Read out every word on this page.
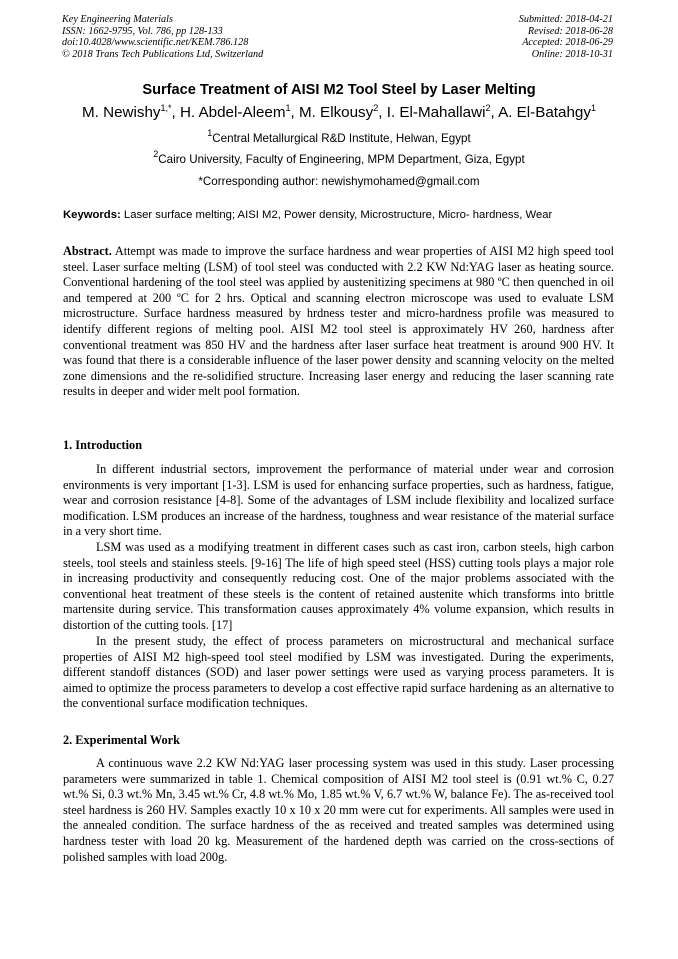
Key Engineering Materials
ISSN: 1662-9795, Vol. 786, pp 128-133
doi:10.4028/www.scientific.net/KEM.786.128
© 2018 Trans Tech Publications Ltd, Switzerland
Submitted: 2018-04-21
Revised: 2018-06-28
Accepted: 2018-06-29
Online: 2018-10-31
Surface Treatment of AISI M2 Tool Steel by Laser Melting
M. Newishy$^{1,*}$, H. Abdel-Aleem$^1$, M. Elkousy$^2$, I. El-Mahallawi$^2$, A. El-Batahgy$^1$
$^1$Central Metallurgical R&D Institute, Helwan, Egypt
$^2$Cairo University, Faculty of Engineering, MPM Department, Giza, Egypt
*Corresponding author: newishymohamed@gmail.com
Keywords: Laser surface melting; AISI M2, Power density, Microstructure, Micro- hardness, Wear
Abstract. Attempt was made to improve the surface hardness and wear properties of AISI M2 high speed tool steel. Laser surface melting (LSM) of tool steel was conducted with 2.2 KW Nd:YAG laser as heating source. Conventional hardening of the tool steel was applied by austenitizing specimens at 980 ºC then quenched in oil and tempered at 200 ºC for 2 hrs. Optical and scanning electron microscope was used to evaluate LSM microstructure. Surface hardness measured by hrdness tester and micro-hardness profile was measured to identify different regions of melting pool. AISI M2 tool steel is approximately HV 260, hardness after conventional treatment was 850 HV and the hardness after laser surface heat treatment is around 900 HV. It was found that there is a considerable influence of the laser power density and scanning velocity on the melted zone dimensions and the re-solidified structure. Increasing laser energy and reducing the laser scanning rate results in deeper and wider melt pool formation.
1. Introduction
In different industrial sectors, improvement the performance of material under wear and corrosion environments is very important [1-3]. LSM is used for enhancing surface properties, such as hardness, fatigue, wear and corrosion resistance [4-8]. Some of the advantages of LSM include flexibility and localized surface modification. LSM produces an increase of the hardness, toughness and wear resistance of the material surface in a very short time.
LSM was used as a modifying treatment in different cases such as cast iron, carbon steels, high carbon steels, tool steels and stainless steels. [9-16] The life of high speed steel (HSS) cutting tools plays a major role in increasing productivity and consequently reducing cost. One of the major problems associated with the conventional heat treatment of these steels is the content of retained austenite which transforms into brittle martensite during service. This transformation causes approximately 4% volume expansion, which results in distortion of the cutting tools. [17]
In the present study, the effect of process parameters on microstructural and mechanical surface properties of AISI M2 high-speed tool steel modified by LSM was investigated. During the experiments, different standoff distances (SOD) and laser power settings were used as varying process parameters. It is aimed to optimize the process parameters to develop a cost effective rapid surface hardening as an alternative to the conventional surface modification techniques.
2. Experimental Work
A continuous wave 2.2 KW Nd:YAG laser processing system was used in this study. Laser processing parameters were summarized in table 1. Chemical composition of AISI M2 tool steel is (0.91 wt.% C, 0.27 wt.% Si, 0.3 wt.% Mn, 3.45 wt.% Cr, 4.8 wt.% Mo, 1.85 wt.% V, 6.7 wt.% W, balance Fe). The as-received tool steel hardness is 260 HV. Samples exactly 10 x 10 x 20 mm were cut for experiments. All samples were used in the annealed condition. The surface hardness of the as received and treated samples was determined using hardness tester with load 20 kg. Measurement of the hardened depth was carried on the cross-sections of polished samples with load 200g.
